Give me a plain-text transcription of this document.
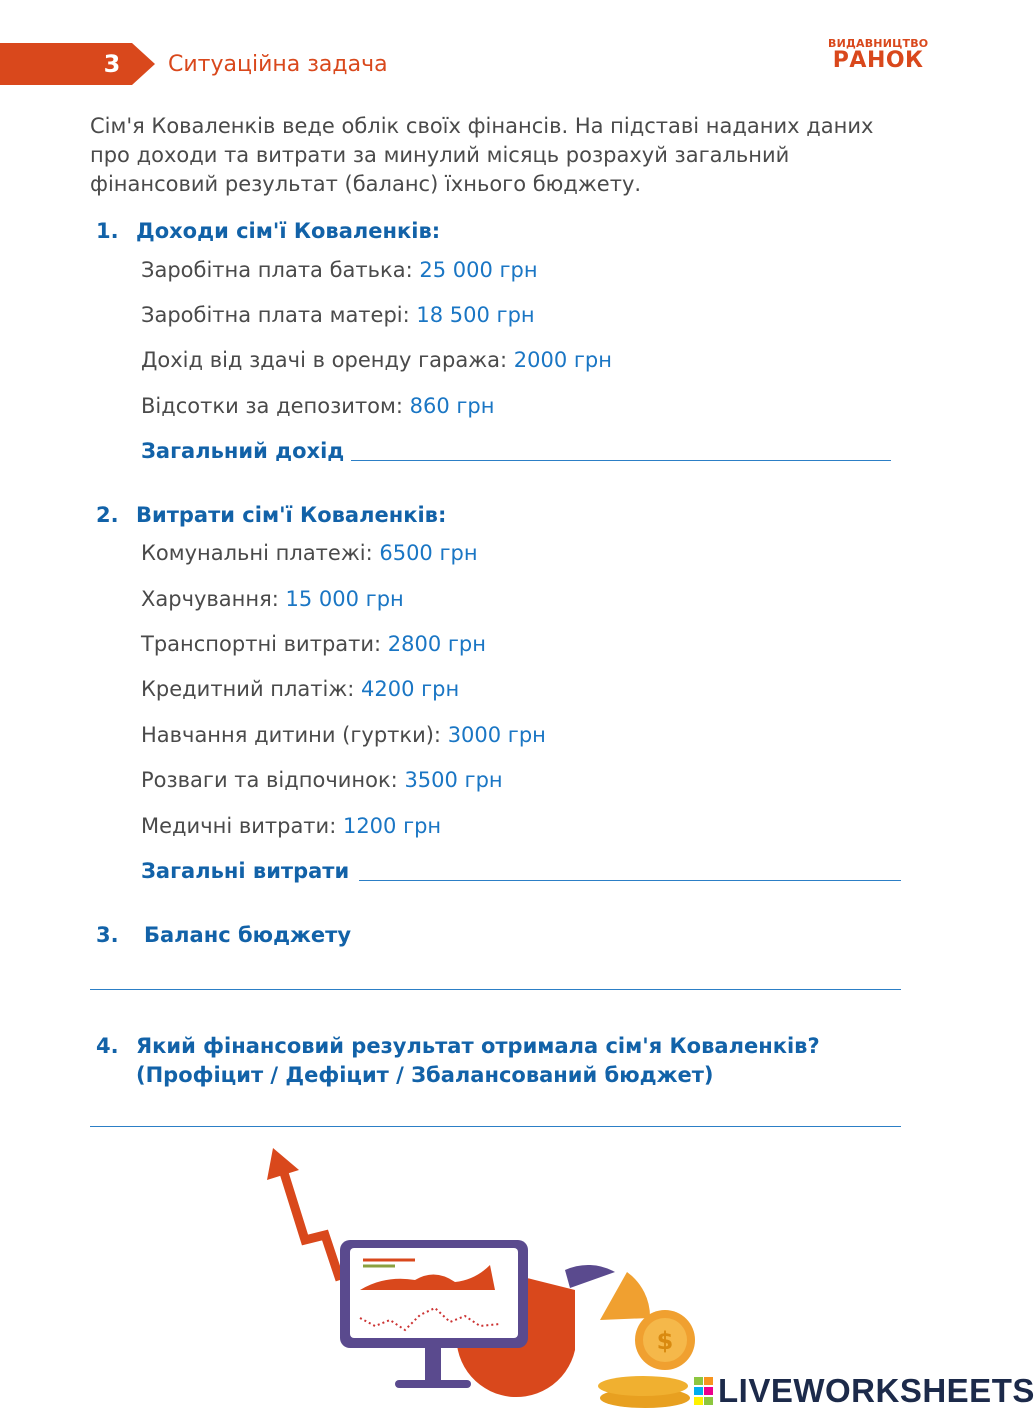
3 Ситуаційна задача
ВИДАВНИЦТВО
РАНОК
Сім'я Коваленків веде облік своїх фінансів. На підставі наданих даних про доходи та витрати за минулий місяць розрахуй загальний фінансовий результат (баланс) їхнього бюджету.
1. Доходи сім'ї Коваленків:
Заробітна плата батька: 25 000 грн
Заробітна плата матері: 18 500 грн
Дохід від здачі в оренду гаража: 2000 грн
Відсотки за депозитом: 860 грн
Загальний дохід
2. Витрати сім'ї Коваленків:
Комунальні платежі: 6500 грн
Харчування: 15 000 грн
Транспортні витрати: 2800 грн
Кредитний платіж: 4200 грн
Навчання дитини (гуртки): 3000 грн
Розваги та відпочинок: 3500 грн
Медичні витрати: 1200 грн
Загальні витрати
3. Баланс бюджету
4. Який фінансовий результат отримала сім'я Коваленків?
(Профіцит / Дефіцит / Збалансований бюджет)
$
LIVEWORKSHEETS
